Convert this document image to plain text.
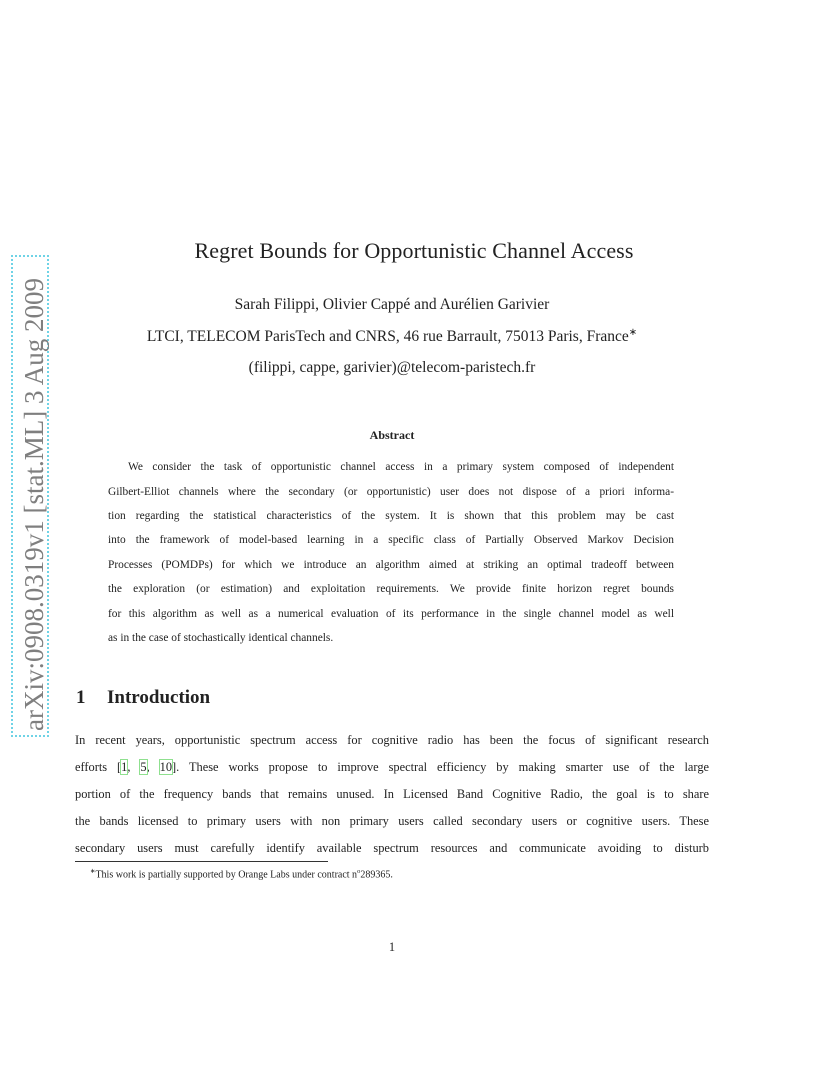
arXiv:0908.0319v1 [stat.ML] 3 Aug 2009
Regret Bounds for Opportunistic Channel Access
Sarah Filippi, Olivier Cappé and Aurélien Garivier
LTCI, TELECOM ParisTech and CNRS, 46 rue Barrault, 75013 Paris, France∗
(filippi, cappe, garivier)@telecom-paristech.fr
Abstract
We consider the task of opportunistic channel access in a primary system composed of independent
Gilbert-Elliot channels where the secondary (or opportunistic) user does not dispose of a priori informa-
tion regarding the statistical characteristics of the system. It is shown that this problem may be cast
into the framework of model-based learning in a specific class of Partially Observed Markov Decision
Processes (POMDPs) for which we introduce an algorithm aimed at striking an optimal tradeoff between
the exploration (or estimation) and exploitation requirements. We provide finite horizon regret bounds
for this algorithm as well as a numerical evaluation of its performance in the single channel model as well
as in the case of stochastically identical channels.
1 Introduction
In recent years, opportunistic spectrum access for cognitive radio has been the focus of significant research
efforts [1, 5, 10]. These works propose to improve spectral efficiency by making smarter use of the large
portion of the frequency bands that remains unused. In Licensed Band Cognitive Radio, the goal is to share
the bands licensed to primary users with non primary users called secondary users or cognitive users. These
secondary users must carefully identify available spectrum resources and communicate avoiding to disturb
∗This work is partially supported by Orange Labs under contract $n^o289365$.
1
